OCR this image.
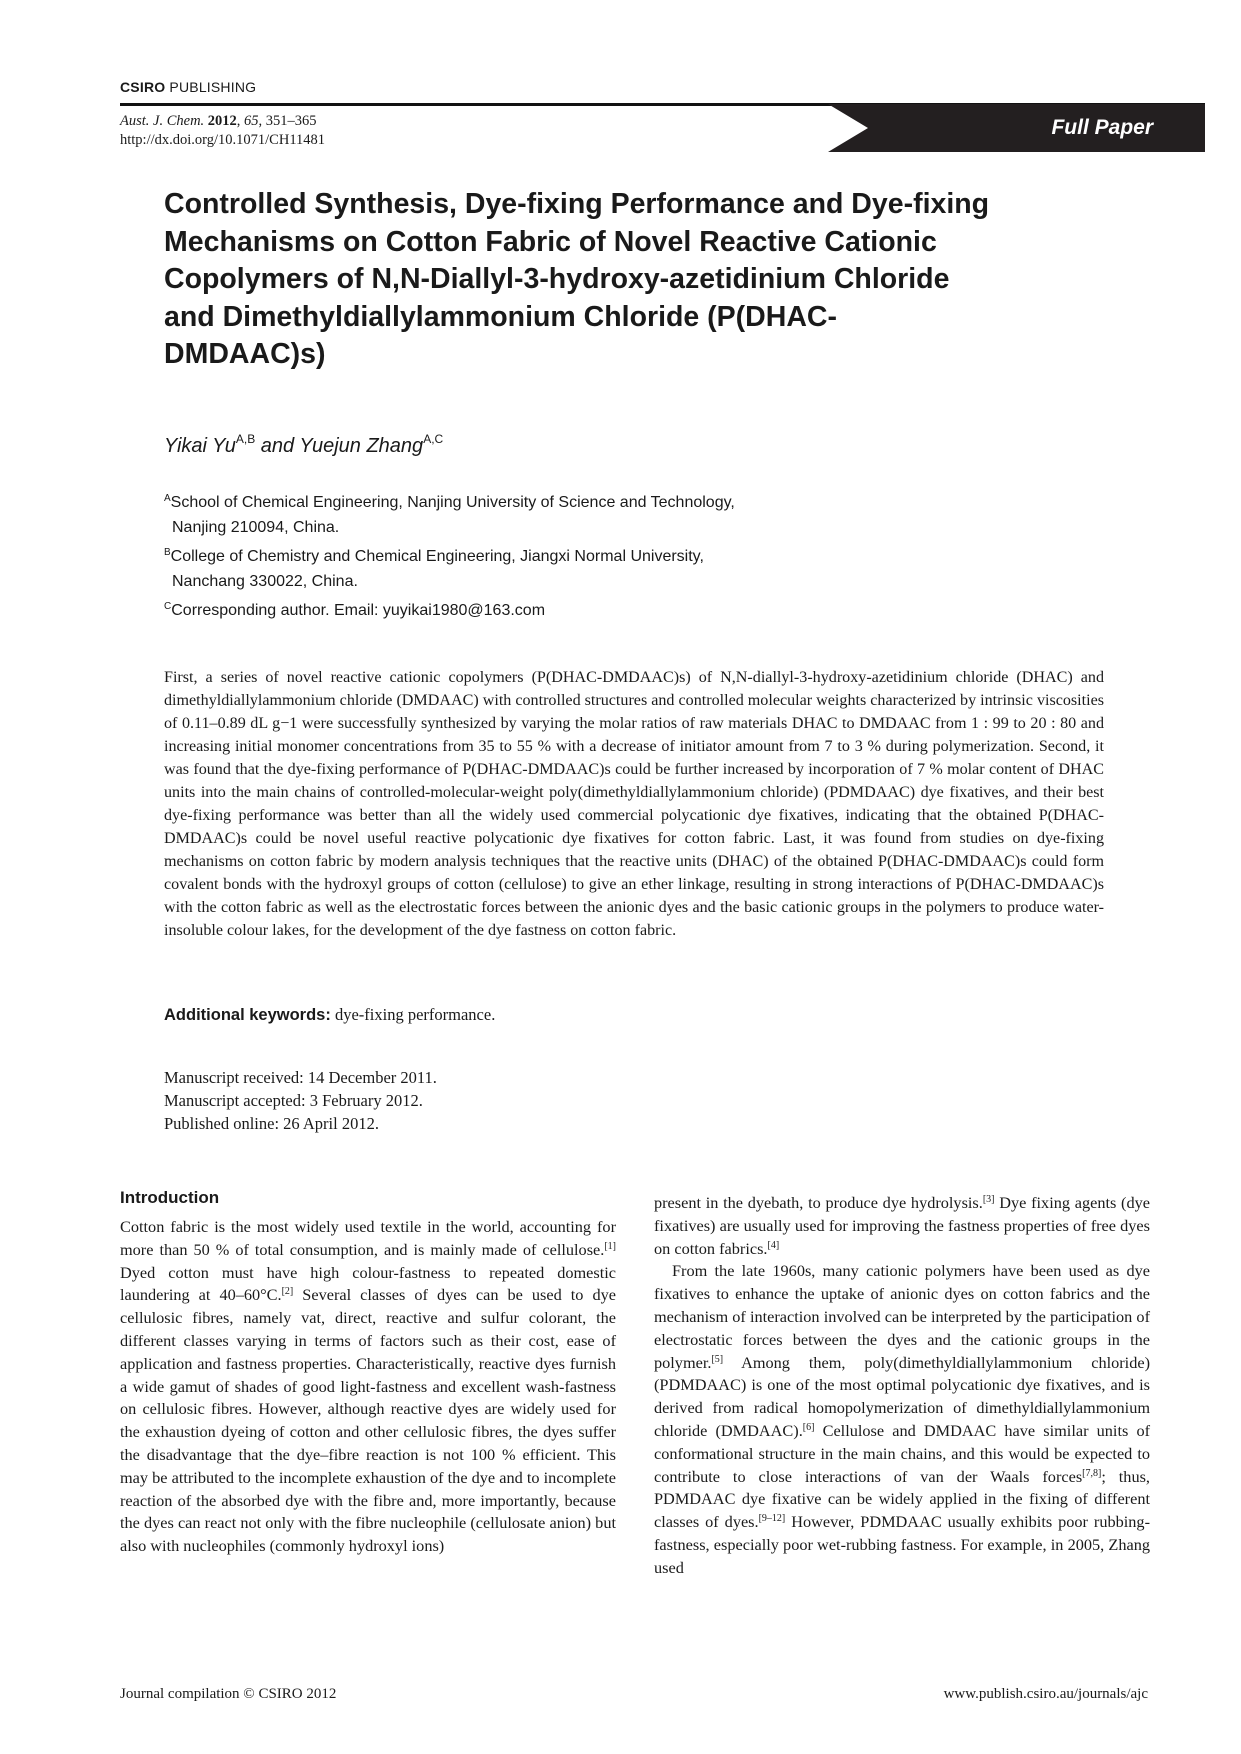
CSIRO PUBLISHING
Aust. J. Chem. 2012, 65, 351–365
http://dx.doi.org/10.1071/CH11481
Full Paper
Controlled Synthesis, Dye-fixing Performance and Dye-fixing Mechanisms on Cotton Fabric of Novel Reactive Cationic Copolymers of N,N-Diallyl-3-hydroxy-azetidinium Chloride and Dimethyldiallylammonium Chloride (P(DHAC-DMDAAC)s)
Yikai $Yu^{A,B}$ and Yuejun Zhang$^{A,C}$
$^A$School of Chemical Engineering, Nanjing University of Science and Technology,
Nanjing 210094, China.
$^B$College of Chemistry and Chemical Engineering, Jiangxi Normal University,
Nanchang 330022, China.
$^C$Corresponding author. Email: yuyikai1980@163.com
First, a series of novel reactive cationic copolymers (P(DHAC-DMDAAC)s) of N,N-diallyl-3-hydroxy-azetidinium chloride (DHAC) and dimethyldiallylammonium chloride (DMDAAC) with controlled structures and controlled molecular weights characterized by intrinsic viscosities of 0.11–0.89 dL g−1 were successfully synthesized by varying the molar ratios of raw materials DHAC to DMDAAC from 1 : 99 to 20 : 80 and increasing initial monomer concentrations from 35 to 55 % with a decrease of initiator amount from 7 to 3 % during polymerization. Second, it was found that the dye-fixing performance of P(DHAC-DMDAAC)s could be further increased by incorporation of 7 % molar content of DHAC units into the main chains of controlled-molecular-weight poly(dimethyldiallylammonium chloride) (PDMDAAC) dye fixatives, and their best dye-fixing performance was better than all the widely used commercial polycationic dye fixatives, indicating that the obtained P(DHAC-DMDAAC)s could be novel useful reactive polycationic dye fixatives for cotton fabric. Last, it was found from studies on dye-fixing mechanisms on cotton fabric by modern analysis techniques that the reactive units (DHAC) of the obtained P(DHAC-DMDAAC)s could form covalent bonds with the hydroxyl groups of cotton (cellulose) to give an ether linkage, resulting in strong interactions of P(DHAC-DMDAAC)s with the cotton fabric as well as the electrostatic forces between the anionic dyes and the basic cationic groups in the polymers to produce water-insoluble colour lakes, for the development of the dye fastness on cotton fabric.
Additional keywords: dye-fixing performance.
Manuscript received: 14 December 2011.
Manuscript accepted: 3 February 2012.
Published online: 26 April 2012.
Introduction

Cotton fabric is the most widely used textile in the world, accounting for more than 50 % of total consumption, and is mainly made of cellulose.[1] Dyed cotton must have high colour-fastness to repeated domestic laundering at 40–60°C.[2] Several classes of dyes can be used to dye cellulosic fibres, namely vat, direct, reactive and sulfur colorant, the different classes varying in terms of factors such as their cost, ease of application and fastness properties. Characteristically, reactive dyes furnish a wide gamut of shades of good light-fastness and excellent wash-fastness on cellulosic fibres. However, although reactive dyes are widely used for the exhaustion dyeing of cotton and other cellulosic fibres, the dyes suffer the disadvantage that the dye–fibre reaction is not 100 % efficient. This may be attributed to the incomplete exhaustion of the dye and to incomplete reaction of the absorbed dye with the fibre and, more importantly, because the dyes can react not only with the fibre nucleophile (cellulosate anion) but also with nucleophiles (commonly hydroxyl ions)

present in the dyebath, to produce dye hydrolysis.[3] Dye fixing agents (dye fixatives) are usually used for improving the fastness properties of free dyes on cotton fabrics.[4]

From the late 1960s, many cationic polymers have been used as dye fixatives to enhance the uptake of anionic dyes on cotton fabrics and the mechanism of interaction involved can be interpreted by the participation of electrostatic forces between the dyes and the cationic groups in the polymer.[5] Among them, poly(dimethyldiallylammonium chloride) (PDMDAAC) is one of the most optimal polycationic dye fixatives, and is derived from radical homopolymerization of dimethyldiallylammonium chloride (DMDAAC).[6] Cellulose and DMDAAC have similar units of conformational structure in the main chains, and this would be expected to contribute to close interactions of van der Waals forces[7,8]; thus, PDMDAAC dye fixative can be widely applied in the fixing of different classes of dyes.[9–12] However, PDMDAAC usually exhibits poor rubbing-fastness, especially poor wet-rubbing fastness. For example, in 2005, Zhang used

Journal compilation © CSIRO 2012	www.publish.csiro.au/journals/ajc
